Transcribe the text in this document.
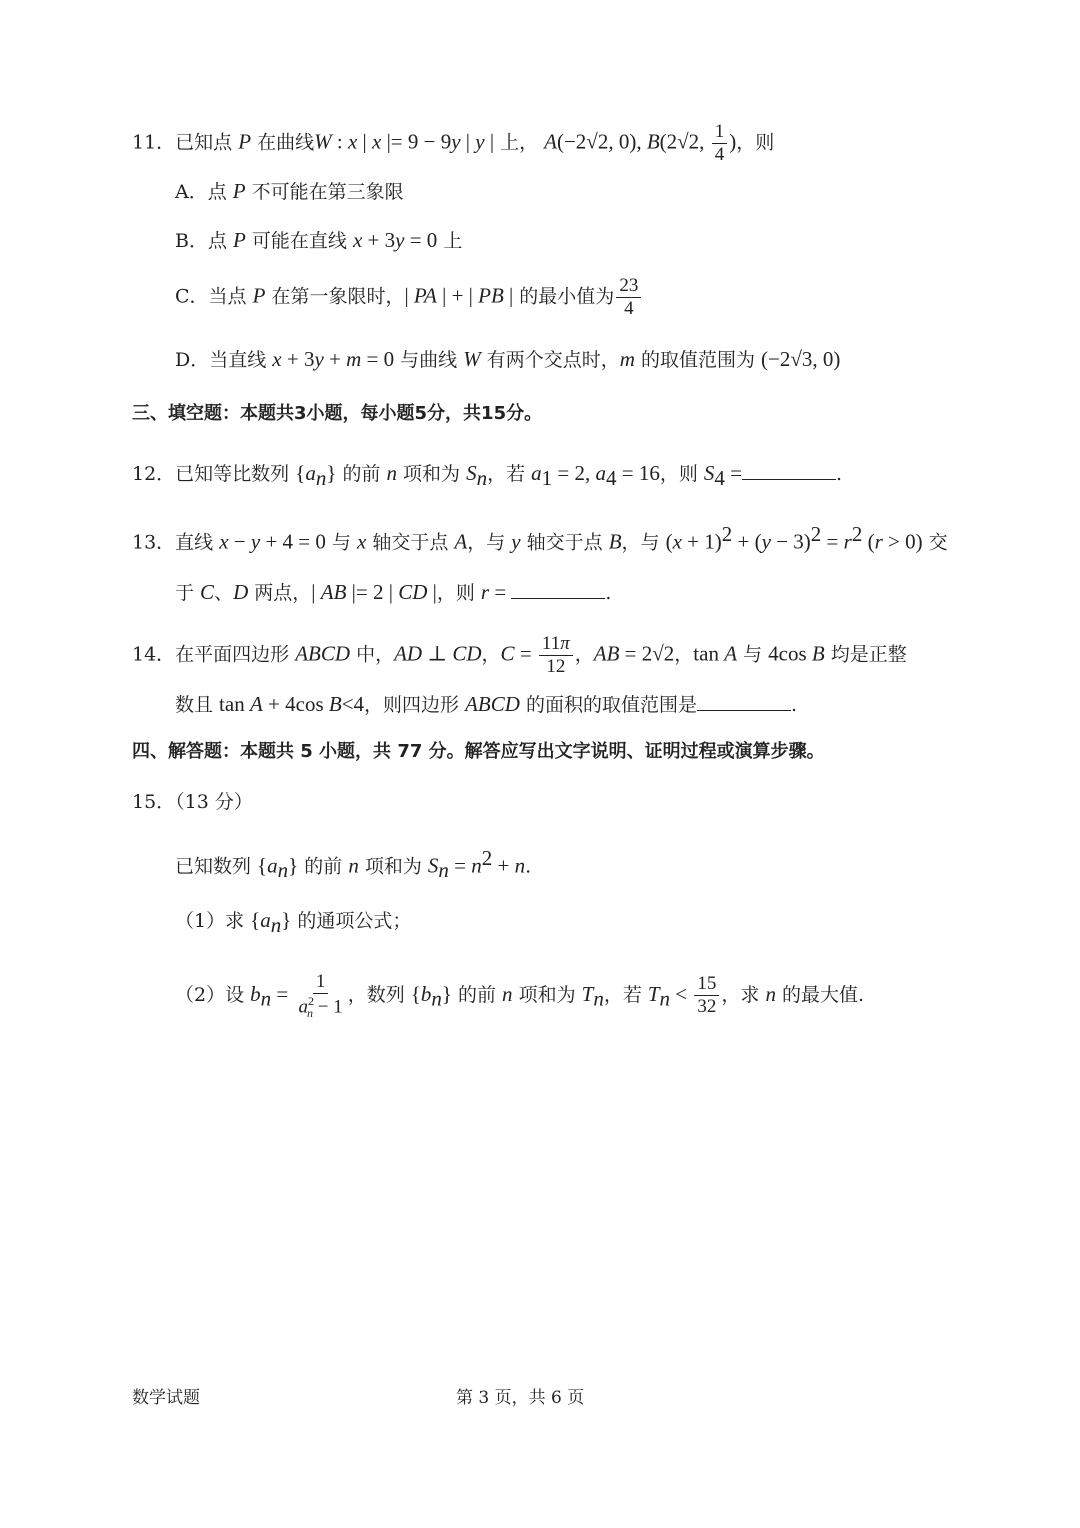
11．已知点 P 在曲线W : x | x |= 9 − 9y | y | 上， A(−2√2, 0), B(2√2, $\frac{1}{4}$ )，则
A．点 P 不可能在第三象限
B．点 P 可能在直线 x + 3y = 0 上
C．当点 P 在第一象限时，| PA | + | PB | 的最小值为 $\frac{23}{4}$
D．当直线 x + 3y + m = 0 与曲线 W 有两个交点时，m 的取值范围为 (−2√3, 0)
三、填空题：本题共3小题，每小题5分，共15分。
12．已知等比数列 $\{a_n\}$ 的前 n 项和为 $S_n$，若 $a_1 = 2$, $a_4 = 16$，则 $S_4$ =	.
13．直线 x − y + 4 = 0 与 x 轴交于点 A，与 y 轴交于点 B，与 $(x + 1)^2 + (y - 3)^2 = r^2$ (r > 0) 交
于 C、D 两点，| AB |= 2 | CD |，则 r =	.
14．在平面四边形 ABCD 中，AD ⊥ CD，$C = \frac{11\pi}{12}$ ，AB = 2√2，tan A 与 4cos B 均是正整
数且 tan A + 4cos B<4，则四边形 ABCD 的面积的取值范围是	.
四、解答题：本题共 5 小题，共 77 分。解答应写出文字说明、证明过程或演算步骤。
15．（13 分）
已知数列 $\{a_n\}$ 的前 n 项和为 $S_n = n^2 + n$.
（1）求 $\{a_n\}$ 的通项公式；
（2）设 $b_n = \frac{1}{a^2_n - 1}$ ，数列 $\{b_n\}$ 的前 n 项和为 $T_n$，若 $T_n < \frac{15}{32}$ ，求 n 的最大值.
数学试题	第 3 页，共 6 页
